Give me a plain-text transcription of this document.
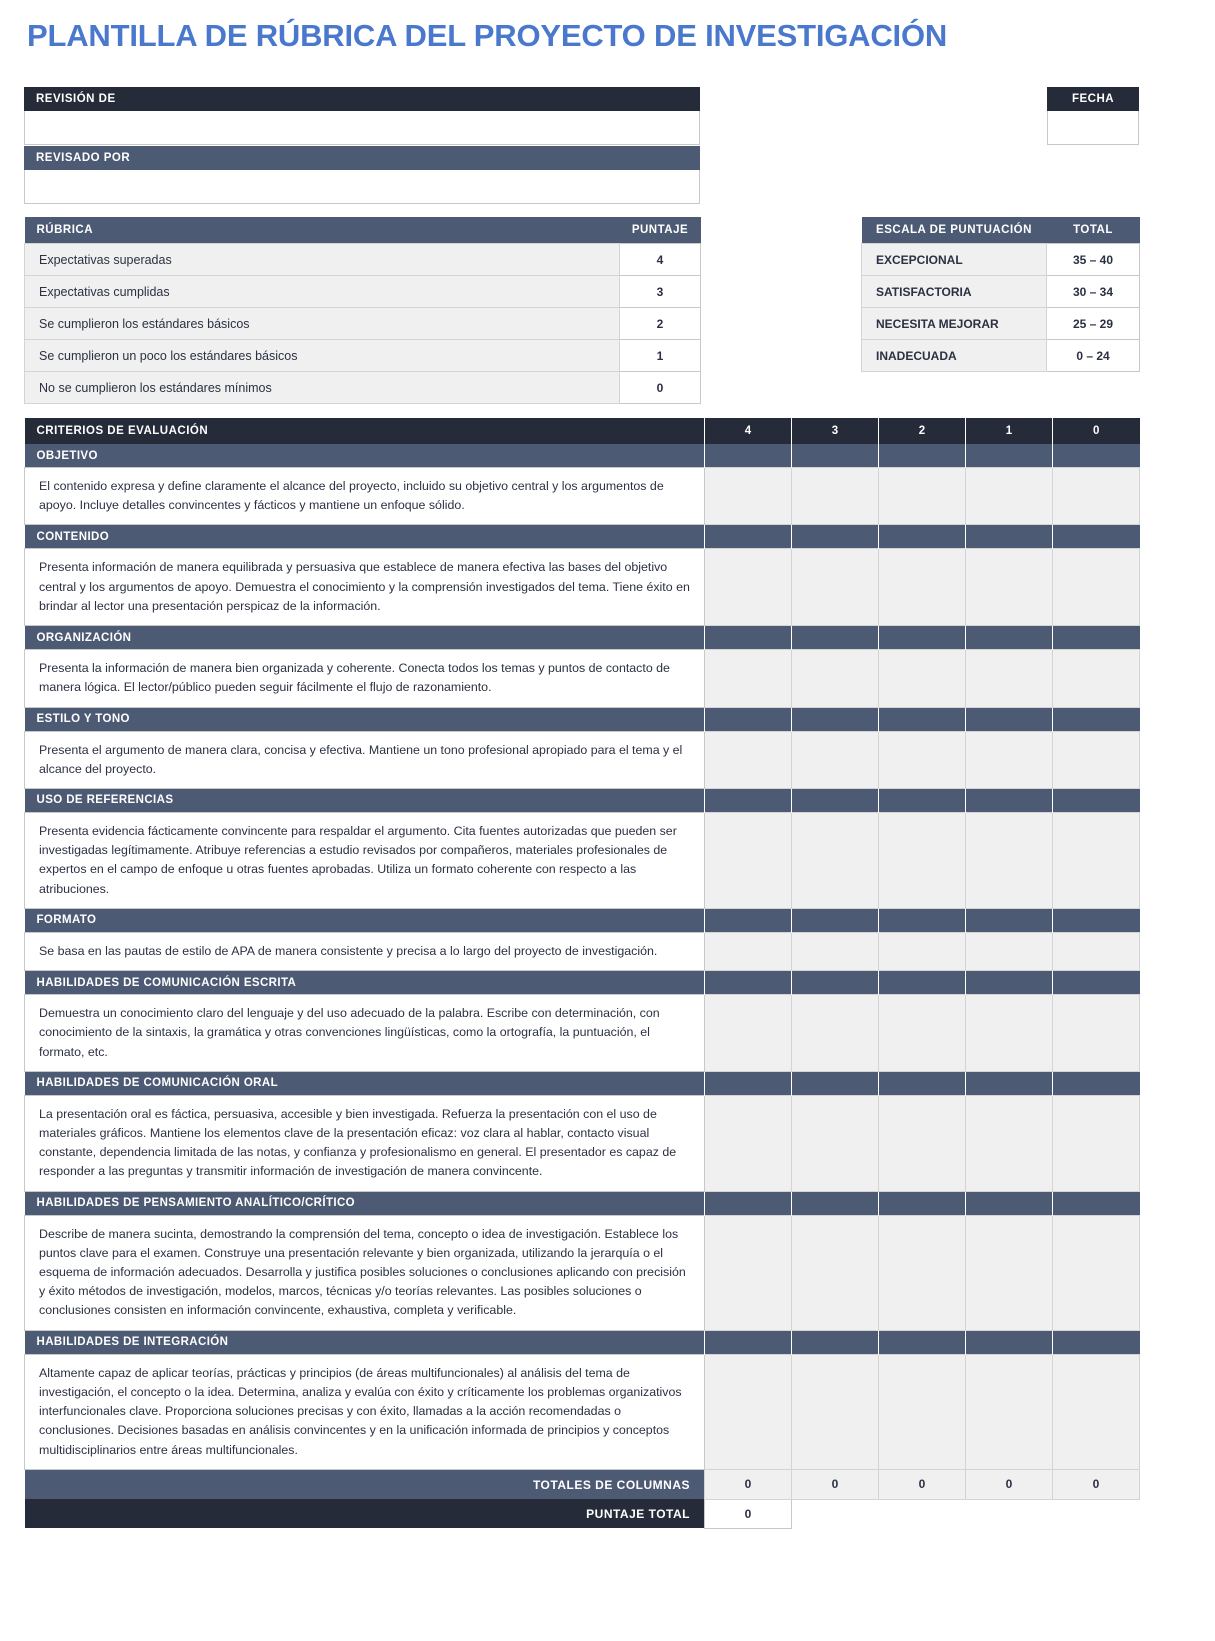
PLANTILLA DE RÚBRICA DEL PROYECTO DE INVESTIGACIÓN
REVISIÓN DE
REVISADO POR
FECHA
RÚBRICA	PUNTAJE
Expectativas superadas	4
Expectativas cumplidas	3
Se cumplieron los estándares básicos	2
Se cumplieron un poco los estándares básicos	1
No se cumplieron los estándares mínimos	0
ESCALA DE PUNTUACIÓN	TOTAL
EXCEPCIONAL	35 – 40
SATISFACTORIA	30 – 34
NECESITA MEJORAR	25 – 29
INADECUADA	0 – 24
CRITERIOS DE EVALUACIÓN	4	3	2	1	0
OBJETIVO					
El contenido expresa y define claramente el alcance del proyecto, incluido su objetivo central y los argumentos de apoyo. Incluye detalles convincentes y fácticos y mantiene un enfoque sólido.					
CONTENIDO					
Presenta información de manera equilibrada y persuasiva que establece de manera efectiva las bases del objetivo central y los argumentos de apoyo. Demuestra el conocimiento y la comprensión investigados del tema. Tiene éxito en brindar al lector una presentación perspicaz de la información.					
ORGANIZACIÓN					
Presenta la información de manera bien organizada y coherente. Conecta todos los temas y puntos de contacto de manera lógica. El lector/público pueden seguir fácilmente el flujo de razonamiento.					
ESTILO Y TONO					
Presenta el argumento de manera clara, concisa y efectiva. Mantiene un tono profesional apropiado para el tema y el alcance del proyecto.					
USO DE REFERENCIAS					
Presenta evidencia fácticamente convincente para respaldar el argumento. Cita fuentes autorizadas que pueden ser investigadas legítimamente. Atribuye referencias a estudio revisados por compañeros, materiales profesionales de expertos en el campo de enfoque u otras fuentes aprobadas. Utiliza un formato coherente con respecto a las atribuciones.					
FORMATO					
Se basa en las pautas de estilo de APA de manera consistente y precisa a lo largo del proyecto de investigación.					
HABILIDADES DE COMUNICACIÓN ESCRITA					
Demuestra un conocimiento claro del lenguaje y del uso adecuado de la palabra. Escribe con determinación, con conocimiento de la sintaxis, la gramática y otras convenciones lingüísticas, como la ortografía, la puntuación, el formato, etc.					
HABILIDADES DE COMUNICACIÓN ORAL					
La presentación oral es fáctica, persuasiva, accesible y bien investigada. Refuerza la presentación con el uso de materiales gráficos. Mantiene los elementos clave de la presentación eficaz: voz clara al hablar, contacto visual constante, dependencia limitada de las notas, y confianza y profesionalismo en general. El presentador es capaz de responder a las preguntas y transmitir información de investigación de manera convincente.					
HABILIDADES DE PENSAMIENTO ANALÍTICO/CRÍTICO					
Describe de manera sucinta, demostrando la comprensión del tema, concepto o idea de investigación. Establece los puntos clave para el examen. Construye una presentación relevante y bien organizada, utilizando la jerarquía o el esquema de información adecuados. Desarrolla y justifica posibles soluciones o conclusiones aplicando con precisión y éxito métodos de investigación, modelos, marcos, técnicas y/o teorías relevantes. Las posibles soluciones o conclusiones consisten en información convincente, exhaustiva, completa y verificable.					
HABILIDADES DE INTEGRACIÓN					
Altamente capaz de aplicar teorías, prácticas y principios (de áreas multifuncionales) al análisis del tema de investigación, el concepto o la idea. Determina, analiza y evalúa con éxito y críticamente los problemas organizativos interfuncionales clave. Proporciona soluciones precisas y con éxito, llamadas a la acción recomendadas o conclusiones. Decisiones basadas en análisis convincentes y en la unificación informada de principios y conceptos multidisciplinarios entre áreas multifuncionales.					
TOTALES DE COLUMNAS	0	0	0	0	0
PUNTAJE TOTAL	0				
